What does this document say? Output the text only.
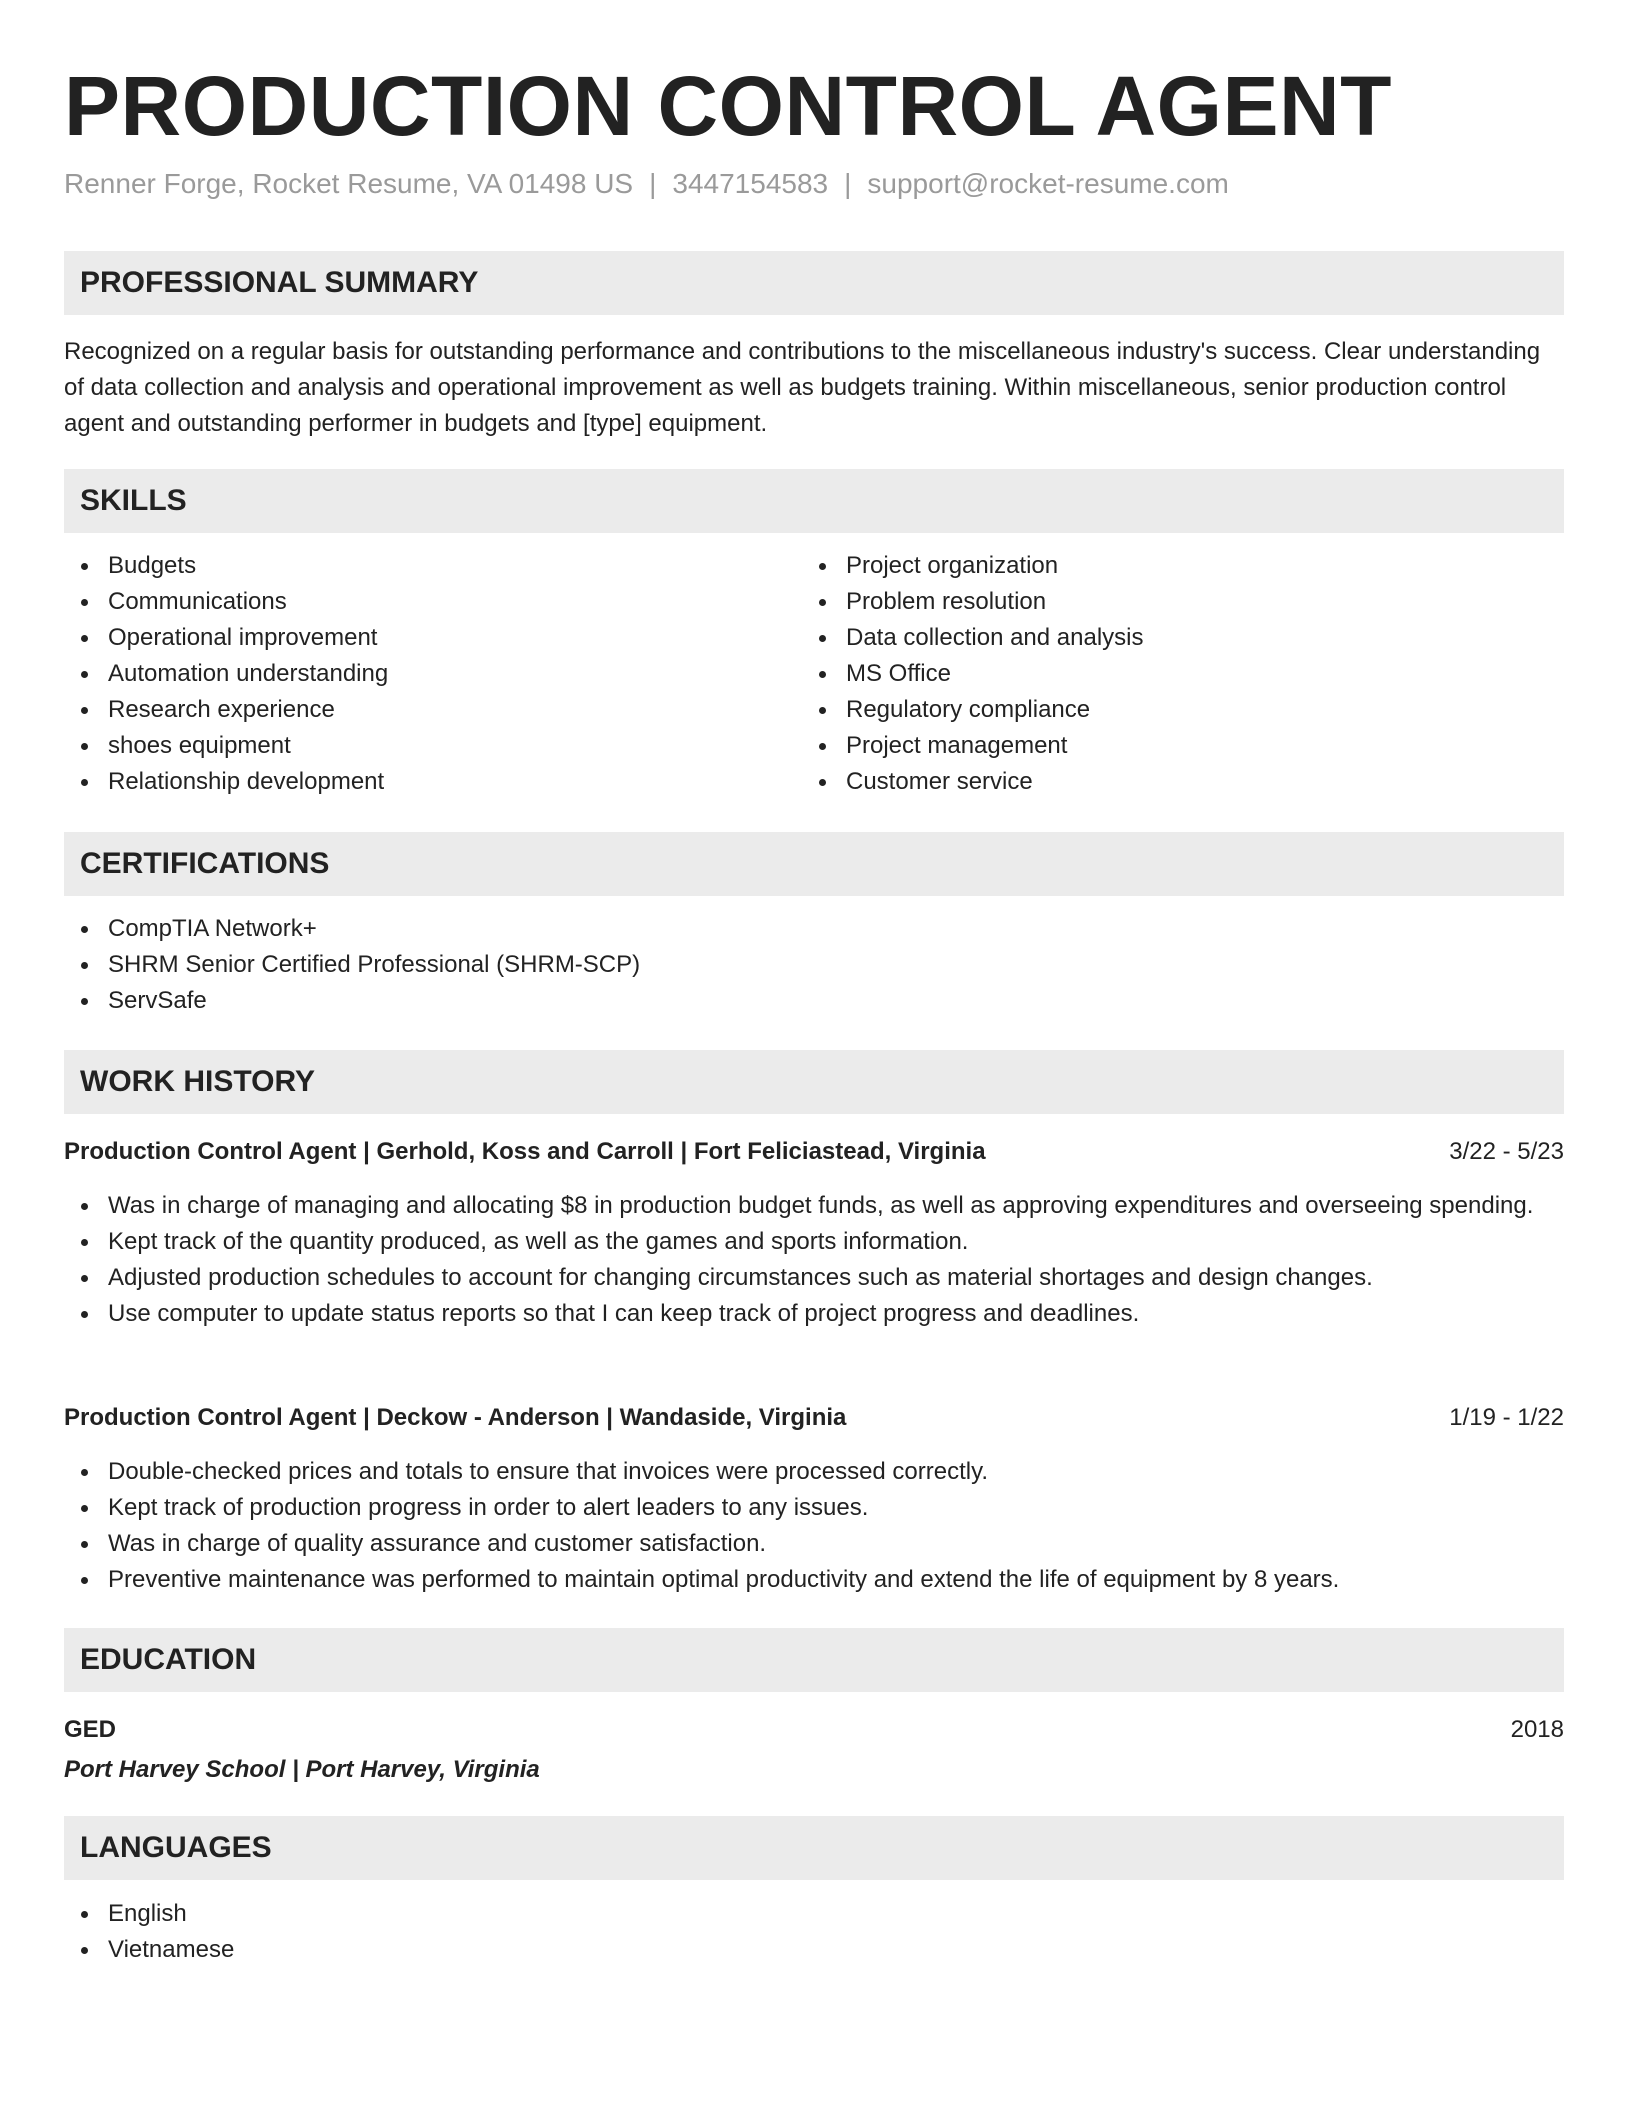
PRODUCTION CONTROL AGENT
Renner Forge, Rocket Resume, VA 01498 US | 3447154583 | support@rocket-resume.com
PROFESSIONAL SUMMARY

Recognized on a regular basis for outstanding performance and contributions to the miscellaneous industry's success. Clear understanding of data collection and analysis and operational improvement as well as budgets training. Within miscellaneous, senior production control agent and outstanding performer in budgets and [type] equipment.

SKILLS
Budgets
Communications
Operational improvement
Automation understanding
Research experience
shoes equipment
Relationship development
Project organization
Problem resolution
Data collection and analysis
MS Office
Regulatory compliance
Project management
Customer service
CERTIFICATIONS
CompTIA Network+
SHRM Senior Certified Professional (SHRM-SCP)
ServSafe
WORK HISTORY
Production Control Agent | Gerhold, Koss and Carroll | Fort Feliciastead, Virginia	3/22 - 5/23
Was in charge of managing and allocating $8 in production budget funds, as well as approving expenditures and overseeing spending.
Kept track of the quantity produced, as well as the games and sports information.
Adjusted production schedules to account for changing circumstances such as material shortages and design changes.
Use computer to update status reports so that I can keep track of project progress and deadlines.
Production Control Agent | Deckow - Anderson | Wandaside, Virginia	1/19 - 1/22
Double-checked prices and totals to ensure that invoices were processed correctly.
Kept track of production progress in order to alert leaders to any issues.
Was in charge of quality assurance and customer satisfaction.
Preventive maintenance was performed to maintain optimal productivity and extend the life of equipment by 8 years.
EDUCATION
GED	2018
Port Harvey School | Port Harvey, Virginia
LANGUAGES
English
Vietnamese
